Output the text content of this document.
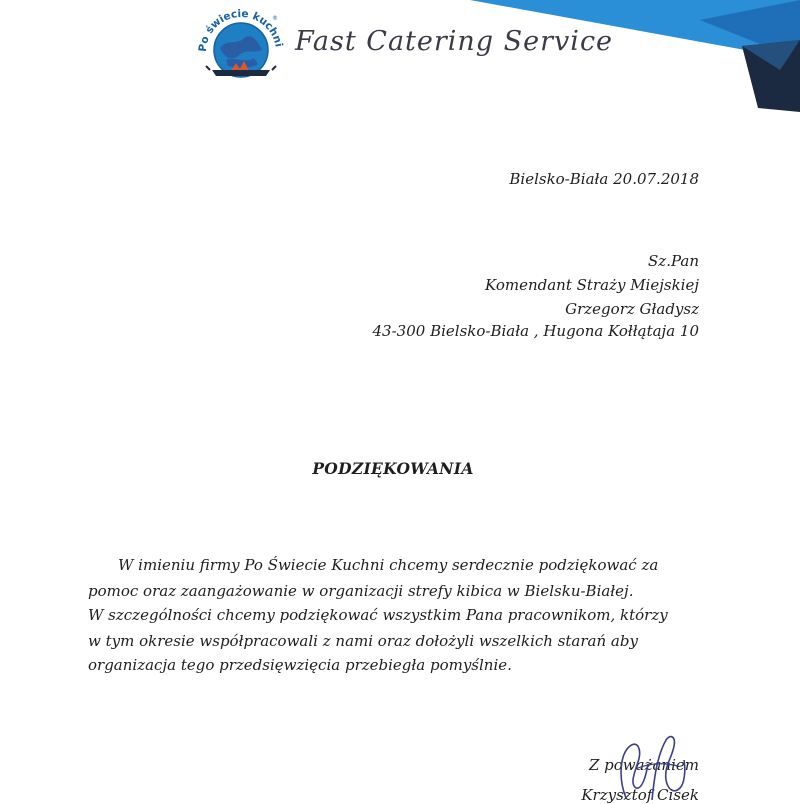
Po świecie kuchni
®
Fast Catering Service
Bielsko-Biała 20.07.2018
Sz.Pan
Komendant Straży Miejskiej
Grzegorz Gładysz
43-300 Bielsko-Biała , Hugona Kołłątaja 10
PODZIĘKOWANIA
W imieniu firmy Po Świecie Kuchni chcemy serdecznie podziękować za
pomoc oraz zaangażowanie w organizacji strefy kibica w Bielsku-Białej.
W szczególności chcemy podziękować wszystkim Pana pracownikom, którzy
w tym okresie współpracowali z nami oraz dołożyli wszelkich starań aby
organizacja tego przedsięwzięcia przebiegła pomyślnie.
Z poważaniem
Krzysztof Cisek
